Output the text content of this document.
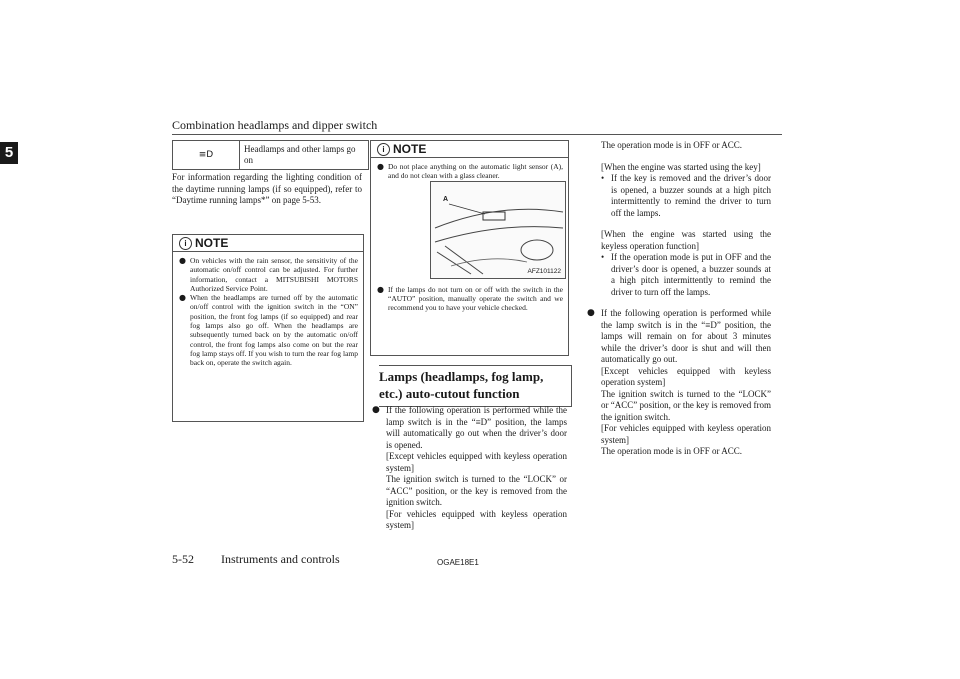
Combination headlamps and dipper switch
5	≡D	Headlamps and other lamps go on
For information regarding the lighting condition of the daytime running lamps (if so equipped), refer to “Daytime running lamps*” on page 5-53.
i NOTE

● On vehicles with the rain sensor, the sensitivity of the automatic on/off control can be adjusted. For further information, contact a MITSUBISHI MOTORS Authorized Service Point.

● When the headlamps are turned off by the automatic on/off control with the ignition switch in the “ON” position, the front fog lamps (if so equipped) and rear fog lamps also go off. When the headlamps are subsequently turned back on by the automatic on/off control, the front fog lamps also come on but the rear fog lamp stays off. If you wish to turn the rear fog lamp back on, operate the switch again.

i NOTE

● Do not place anything on the automatic light sensor (A), and do not clean with a glass cleaner.

A
AFZ101122

● If the lamps do not turn on or off with the switch in the “AUTO” position, manually operate the switch and we recommend you to have your vehicle checked.

Lamps (headlamps, fog lamp, etc.) auto-cutout function

● If the following operation is performed while the lamp switch is in the “≡D” position, the lamps will automatically go out when the driver’s door is opened.

[Except vehicles equipped with keyless operation system]

The ignition switch is turned to the “LOCK” or “ACC” position, or the key is removed from the ignition switch.

[For vehicles equipped with keyless operation system]

The operation mode is in OFF or ACC.

[When the engine was started using the key]

• If the key is removed and the driver’s door is opened, a buzzer sounds at a high pitch intermittently to remind the driver to turn off the lamps.

[When the engine was started using the keyless operation function]

• If the operation mode is put in OFF and the driver’s door is opened, a buzzer sounds at a high pitch intermittently to remind the driver to turn off the lamps.

● If the following operation is performed while the lamp switch is in the “≡D” position, the lamps will remain on for about 3 minutes while the driver’s door is shut and will then automatically go out.

[Except vehicles equipped with keyless operation system]

The ignition switch is turned to the “LOCK” or “ACC” position, or the key is removed from the ignition switch.

[For vehicles equipped with keyless operation system]

The operation mode is in OFF or ACC.

5-52 Instruments and controls	OGAE18E1
